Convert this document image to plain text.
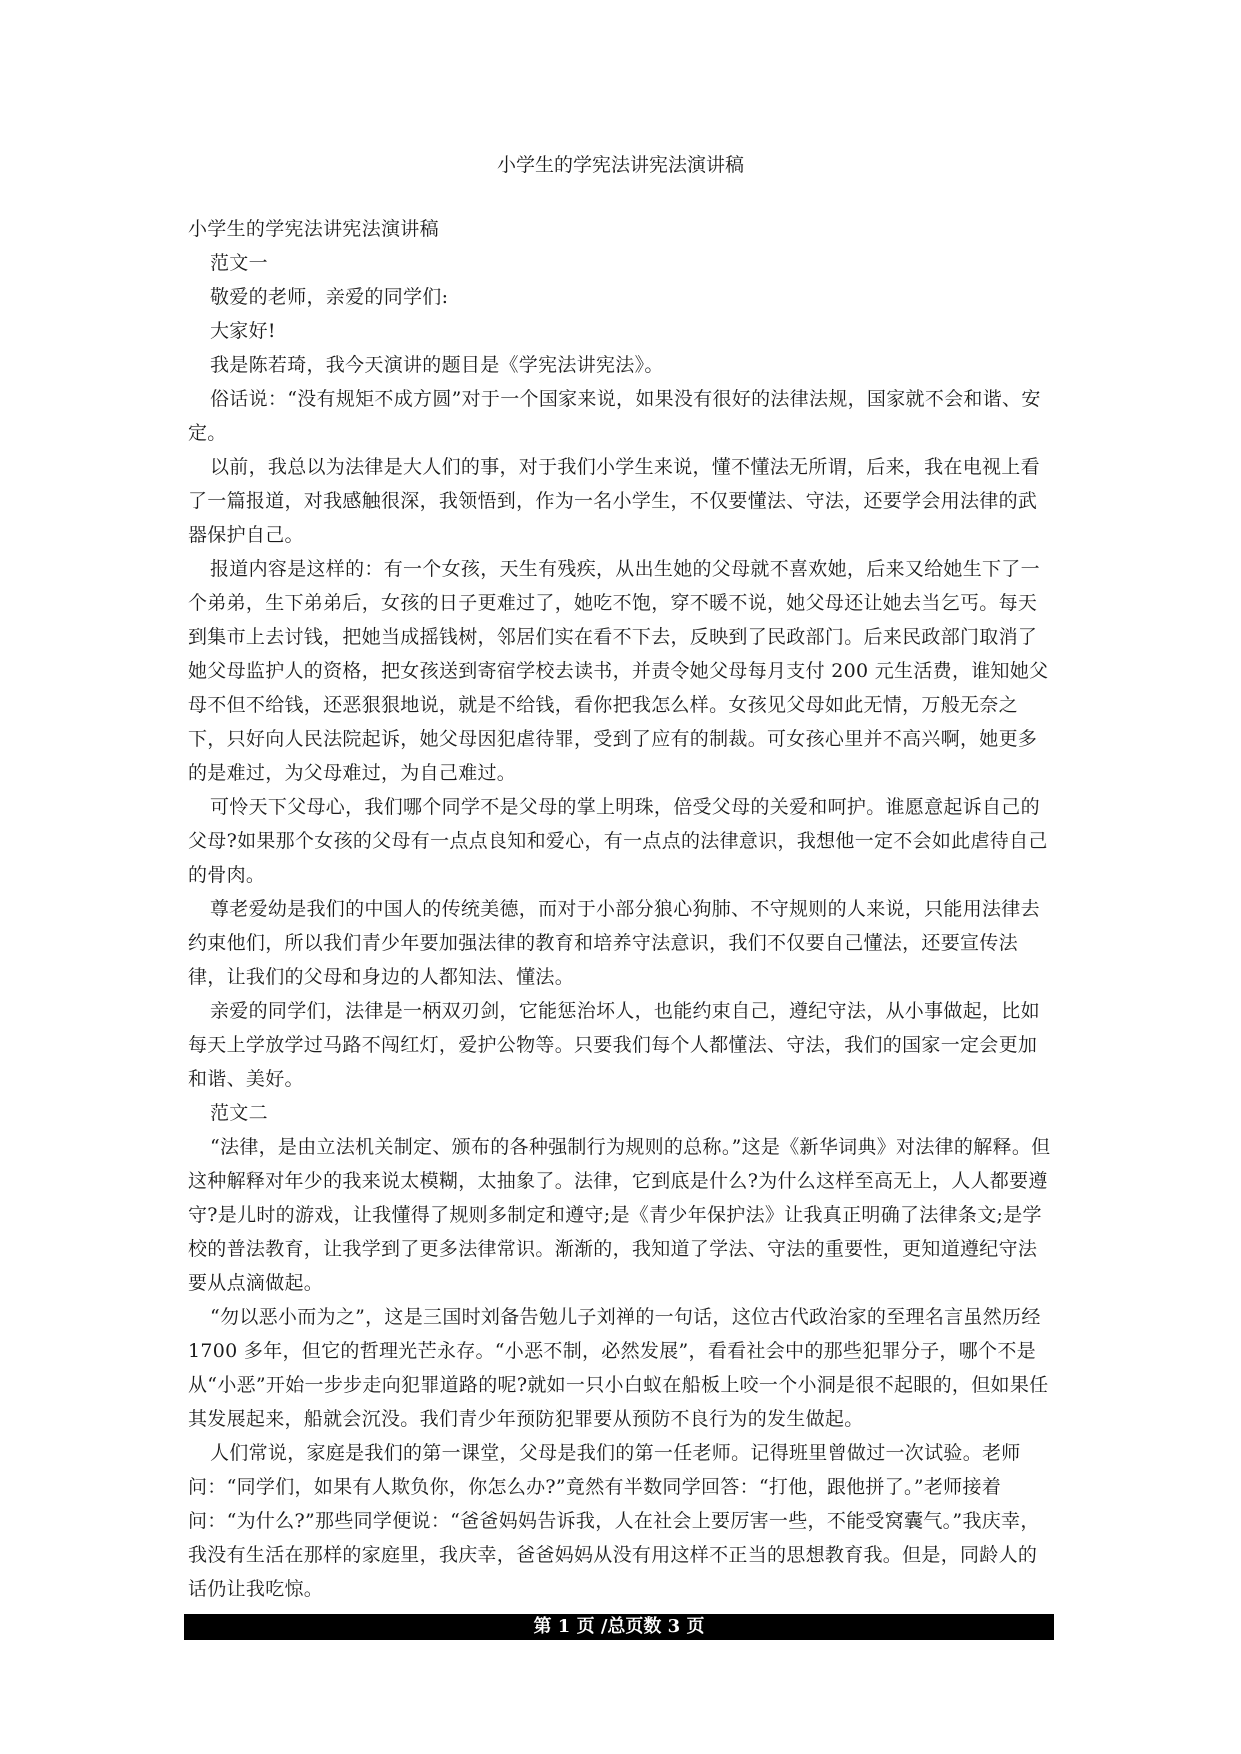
小学生的学宪法讲宪法演讲稿

小学生的学宪法讲宪法演讲稿

范文一

敬爱的老师，亲爱的同学们:

大家好!

我是陈若琦，我今天演讲的题目是《学宪法讲宪法》。

俗话说：“没有规矩不成方圆”对于一个国家来说，如果没有很好的法律法规，国家就不会和谐、安定。

以前，我总以为法律是大人们的事，对于我们小学生来说，懂不懂法无所谓，后来，我在电视上看了一篇报道，对我感触很深，我领悟到，作为一名小学生，不仅要懂法、守法，还要学会用法律的武器保护自己。

报道内容是这样的：有一个女孩，天生有残疾，从出生她的父母就不喜欢她，后来又给她生下了一个弟弟，生下弟弟后，女孩的日子更难过了，她吃不饱，穿不暖不说，她父母还让她去当乞丐。每天到集市上去讨钱，把她当成摇钱树，邻居们实在看不下去，反映到了民政部门。后来民政部门取消了她父母监护人的资格，把女孩送到寄宿学校去读书，并责令她父母每月支付 200 元生活费，谁知她父母不但不给钱，还恶狠狠地说，就是不给钱，看你把我怎么样。女孩见父母如此无情，万般无奈之下，只好向人民法院起诉，她父母因犯虐待罪，受到了应有的制裁。可女孩心里并不高兴啊，她更多的是难过，为父母难过，为自己难过。

可怜天下父母心，我们哪个同学不是父母的掌上明珠，倍受父母的关爱和呵护。谁愿意起诉自己的父母?如果那个女孩的父母有一点点良知和爱心，有一点点的法律意识，我想他一定不会如此虐待自己的骨肉。

尊老爱幼是我们的中国人的传统美德，而对于小部分狼心狗肺、不守规则的人来说，只能用法律去约束他们，所以我们青少年要加强法律的教育和培养守法意识，我们不仅要自己懂法，还要宣传法律，让我们的父母和身边的人都知法、懂法。

亲爱的同学们，法律是一柄双刃剑，它能惩治坏人，也能约束自己，遵纪守法，从小事做起，比如每天上学放学过马路不闯红灯，爱护公物等。只要我们每个人都懂法、守法，我们的国家一定会更加和谐、美好。

范文二

“法律，是由立法机关制定、颁布的各种强制行为规则的总称。”这是《新华词典》对法律的解释。但这种解释对年少的我来说太模糊，太抽象了。法律，它到底是什么?为什么这样至高无上，人人都要遵守?是儿时的游戏，让我懂得了规则多制定和遵守;是《青少年保护法》让我真正明确了法律条文;是学校的普法教育，让我学到了更多法律常识。渐渐的，我知道了学法、守法的重要性，更知道遵纪守法要从点滴做起。

“勿以恶小而为之”，这是三国时刘备告勉儿子刘禅的一句话，这位古代政治家的至理名言虽然历经 1700 多年，但它的哲理光芒永存。“小恶不制，必然发展”，看看社会中的那些犯罪分子，哪个不是从“小恶”开始一步步走向犯罪道路的呢?就如一只小白蚁在船板上咬一个小洞是很不起眼的，但如果任其发展起来，船就会沉没。我们青少年预防犯罪要从预防不良行为的发生做起。

人们常说，家庭是我们的第一课堂，父母是我们的第一任老师。记得班里曾做过一次试验。老师问：“同学们，如果有人欺负你，你怎么办?”竟然有半数同学回答：“打他，跟他拼了。”老师接着问：“为什么?”那些同学便说：“爸爸妈妈告诉我，人在社会上要厉害一些，不能受窝囊气。”我庆幸，我没有生活在那样的家庭里，我庆幸，爸爸妈妈从没有用这样不正当的思想教育我。但是，同龄人的话仍让我吃惊。

第 1 页 /总页数 3 页
